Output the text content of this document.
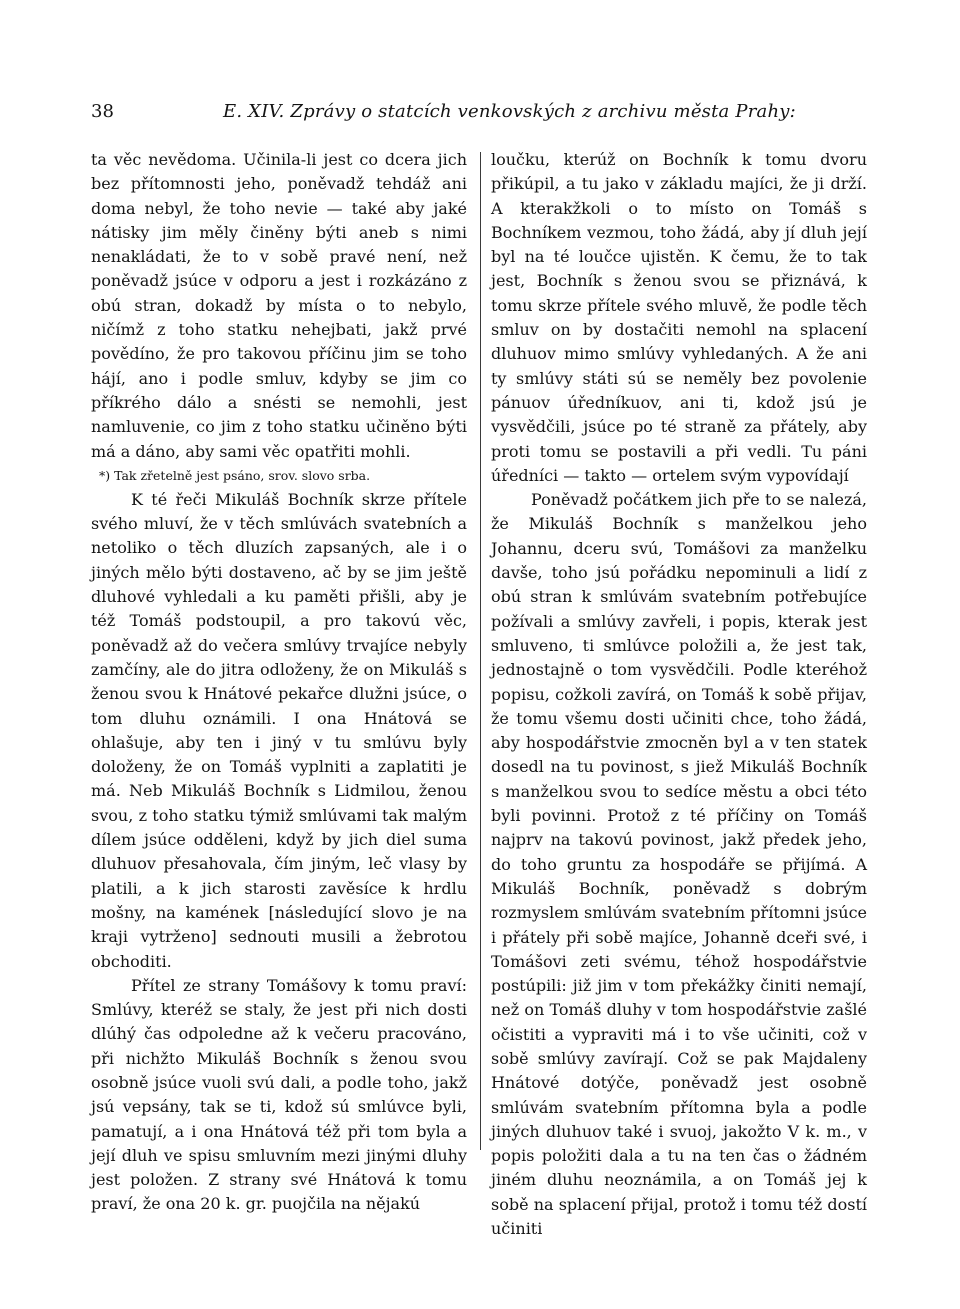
38	E. XIV. Zprávy o statcích venkovských z archivu města Prahy:

ta věc nevědoma. Učinila-li jest co dcera jich bez přítomnosti jeho, poněvadž tehdáž ani doma nebyl, že toho nevie — také aby jaké nátisky jim měly činěny býti aneb s nimi nenakládati, že to v sobě pravé není, než poněvadž jsúce v odporu a jest i rozkázáno z obú stran, dokadž by místa o to nebylo, ničímž z toho statku nehejbati, jakž prvé povědíno, že pro takovou příčinu jim se toho hájí, ano i podle smluv, kdyby se jim co příkrého dálo a snésti se nemohli, jest namluvenie, co jim z toho statku učiněno býti má a dáno, aby sami věc opatřiti mohli.

*) Tak zřetelně jest psáno, srov. slovo srba.

K té řeči Mikuláš Bochník skrze přítele svého mluví, že v těch smlúvách svatebních a netoliko o těch dluzích zapsaných, ale i o jiných mělo býti dostaveno, ač by se jim ještě dluhové vyhledali a ku paměti přišli, aby je též Tomáš podstoupil, a pro takovú věc, poněvadž až do večera smlúvy trvajíce nebyly zamčíny, ale do jitra odloženy, že on Mikuláš s ženou svou k Hnátové pekařce dlužni jsúce, o tom dluhu oznámili. I ona Hnátová se ohlašuje, aby ten i jiný v tu smlúvu byly doloženy, že on Tomáš vyplniti a zaplatiti je má. Neb Mikuláš Bochník s Lidmilou, ženou svou, z toho statku týmiž smlúvami tak malým dílem jsúce odděleni, když by jich diel suma dluhuov přesahovala, čím jiným, leč vlasy by platili, a k jich starosti zavěsíce k hrdlu mošny, na kamének [následující slovo je na kraji vytrženo] sednouti musili a žebrotou obchoditi.

Přítel ze strany Tomášovy k tomu praví: Smlúvy, kteréž se staly, že jest při nich dosti dlúhý čas odpoledne až k večeru pracováno, při nichžto Mikuláš Bochník s ženou svou osobně jsúce vuoli svú dali, a podle toho, jakž jsú vepsány, tak se ti, kdož sú smlúvce byli, pamatují, a i ona Hnátová též při tom byla a její dluh ve spisu smluvním mezi jinými dluhy jest položen. Z strany své Hnátová k tomu praví, že ona 20 k. gr. puojčila na nějakú

loučku, kterúž on Bochník k tomu dvoru přikúpil, a tu jako v základu majíci, že ji drží. A kterakžkoli o to místo on Tomáš s Bochníkem vezmou, toho žádá, aby jí dluh její byl na té loučce ujistěn. K čemu, že to tak jest, Bochník s ženou svou se přiznává, k tomu skrze přítele svého mluvě, že podle těch smluv on by dostačiti nemohl na splacení dluhuov mimo smlúvy vyhledaných. A že ani ty smlúvy státi sú se neměly bez povolenie pánuov úředníkuov, ani ti, kdož jsú je vysvědčili, jsúce po té straně za přátely, aby proti tomu se postavili a při vedli. Tu páni úředníci — takto — ortelem svým vypovídají

Poněvadž počátkem jich pře to se nalezá, že Mikuláš Bochník s manželkou jeho Johannu, dceru svú, Tomášovi za manželku davše, toho jsú pořádku nepominuli a lidí z obú stran k smlúvám svatebním potřebujíce požívali a smlúvy zavřeli, i popis, kterak jest smluveno, ti smlúvce položili a, že jest tak, jednostajně o tom vysvědčili. Podle kteréhož popisu, cožkoli zavírá, on Tomáš k sobě přijav, že tomu všemu dosti učiniti chce, toho žádá, aby hospodářstvie zmocněn byl a v ten statek dosedl na tu povinost, s jiež Mikuláš Bochník s manželkou svou to sedíce městu a obci této byli povinni. Protož z té příčiny on Tomáš najprv na takovú povinost, jakž předek jeho, do toho gruntu za hospodáře se přijímá. A Mikuláš Bochník, poněvadž s dobrým rozmyslem smlúvám svatebním přítomni jsúce i přátely při sobě majíce, Johanně dceři své, i Tomášovi zeti svému, téhož hospodářstvie postúpili: již jim v tom překážky činiti nemají, než on Tomáš dluhy v tom hospodářstvie zašlé očistiti a vypraviti má i to vše učiniti, což v sobě smlúvy zavírají. Což se pak Majdaleny Hnátové dotýče, poněvadž jest osobně smlúvám svatebním přítomna byla a podle jiných dluhuov také i svuoj, jakožto V k. m., v popis položiti dala a tu na ten čas o žádném jiném dluhu neoznámila, a on Tomáš jej k sobě na splacení přijal, protož i tomu též dostí učiniti
